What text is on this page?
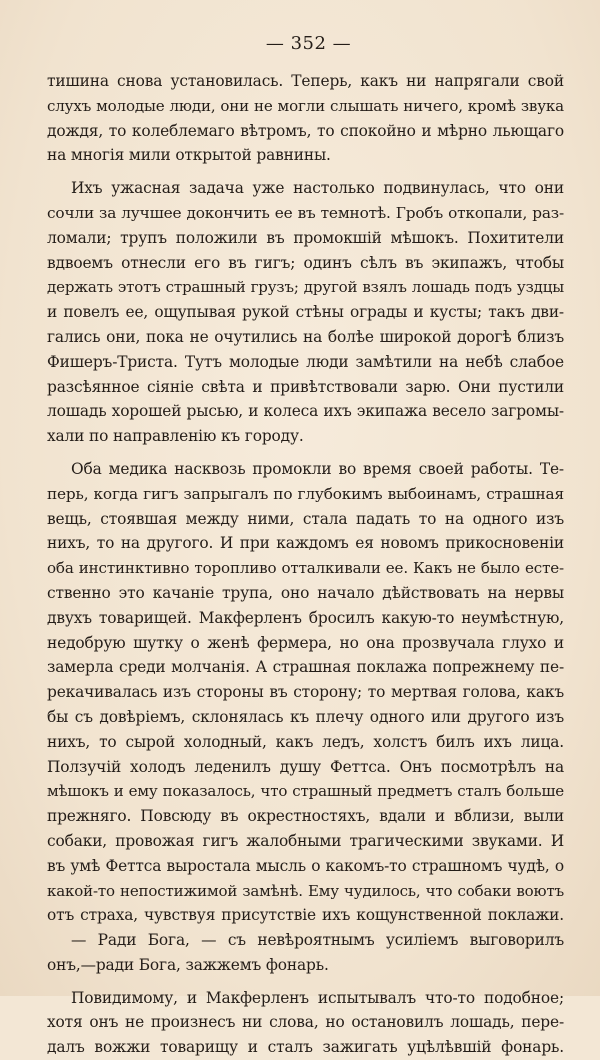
— 352 —
тишина снова установилась. Теперь, какъ ни напрягали свой
слухъ молодые люди, они не могли слышать ничего, кромѣ звука
дождя, то колеблемаго вѣтромъ, то спокойно и мѣрно льющаго
на многія мили открытой равнины.
Ихъ ужасная задача уже настолько подвинулась, что они
сочли за лучшее докончить ее въ темнотѣ. Гробъ откопали, раз-
ломали; трупъ положили въ промокшій мѣшокъ. Похитители
вдвоемъ отнесли его въ гигъ; одинъ сѣлъ въ экипажъ, чтобы
держать этотъ страшный грузъ; другой взялъ лошадь подъ уздцы
и повелъ ее, ощупывая рукой стѣны ограды и кусты; такъ дви-
гались они, пока не очутились на болѣе широкой дорогѣ близъ
Фишеръ-Триста. Тутъ молодые люди замѣтили на небѣ слабое
разсѣянное сіяніе свѣта и привѣтствовали зарю. Они пустили
лошадь хорошей рысью, и колеса ихъ экипажа весело загромы-
хали по направленію къ городу.
Оба медика насквозь промокли во время своей работы. Те-
перь, когда гигъ запрыгалъ по глубокимъ выбоинамъ, страшная
вещь, стоявшая между ними, стала падать то на одного изъ
нихъ, то на другого. И при каждомъ ея новомъ прикосновеніи
оба инстинктивно торопливо отталкивали ее. Какъ не было есте-
ственно это качаніе трупа, оно начало дѣйствовать на нервы
двухъ товарищей. Макферленъ бросилъ какую-то неумѣстную,
недобрую шутку о женѣ фермера, но она прозвучала глухо и
замерла среди молчанія. А страшная поклажа попрежнему пе-
рекачивалась изъ стороны въ сторону; то мертвая голова, какъ
бы съ довѣріемъ, склонялась къ плечу одного или другого изъ
нихъ, то сырой холодный, какъ ледъ, холстъ билъ ихъ лица.
Ползучій холодъ леденилъ душу Феттса. Онъ посмотрѣлъ на
мѣшокъ и ему показалось, что страшный предметъ сталъ больше
прежняго. Повсюду въ окрестностяхъ, вдали и вблизи, выли
собаки, провожая гигъ жалобными трагическими звуками. И
въ умѣ Феттса выростала мысль о какомъ-то страшномъ чудѣ, о
какой-то непостижимой замѣнѣ. Ему чудилось, что собаки воютъ
отъ страха, чувствуя присутствіе ихъ кощунственной поклажи.
— Ради Бога, — съ невѣроятнымъ усиліемъ выговорилъ
онъ,—ради Бога, зажжемъ фонарь.
Повидимому, и Макферленъ испытывалъ что-то подобное;
хотя онъ не произнесъ ни слова, но остановилъ лошадь, пере-
далъ вожжи товарищу и сталъ зажигать уцѣлѣвшій фонарь.
